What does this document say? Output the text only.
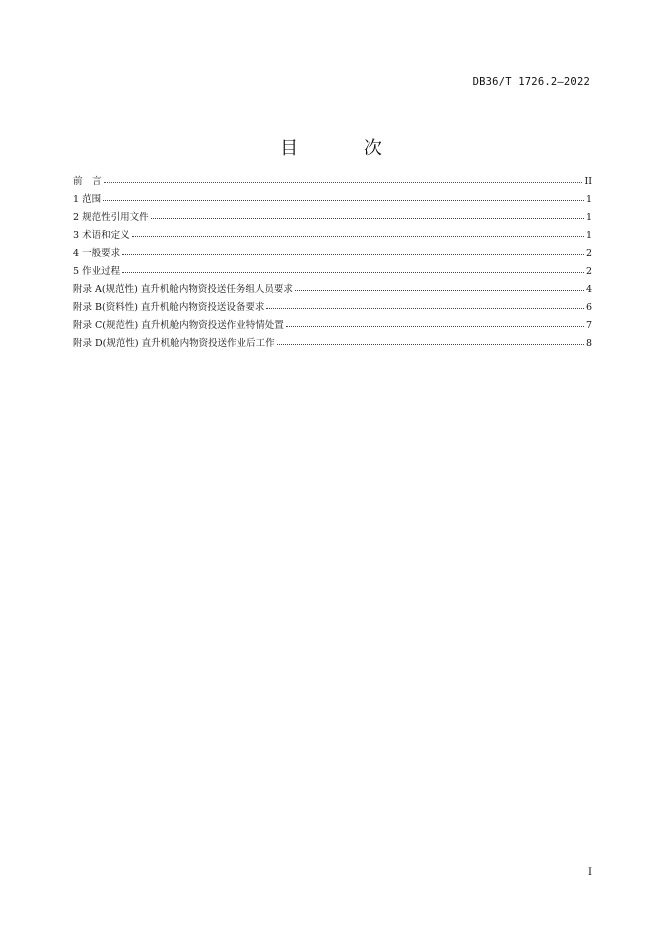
DB36/T 1726.2—2022
目 次
前　言	II
1 范围	1
2 规范性引用文件	1
3 术语和定义	1
4 一般要求	2
5 作业过程	2
附录 A(规范性) 直升机舱内物资投送任务组人员要求	4
附录 B(资料性) 直升机舱内物资投送设备要求	6
附录 C(规范性) 直升机舱内物资投送作业特情处置	7
附录 D(规范性) 直升机舱内物资投送作业后工作	8
I
